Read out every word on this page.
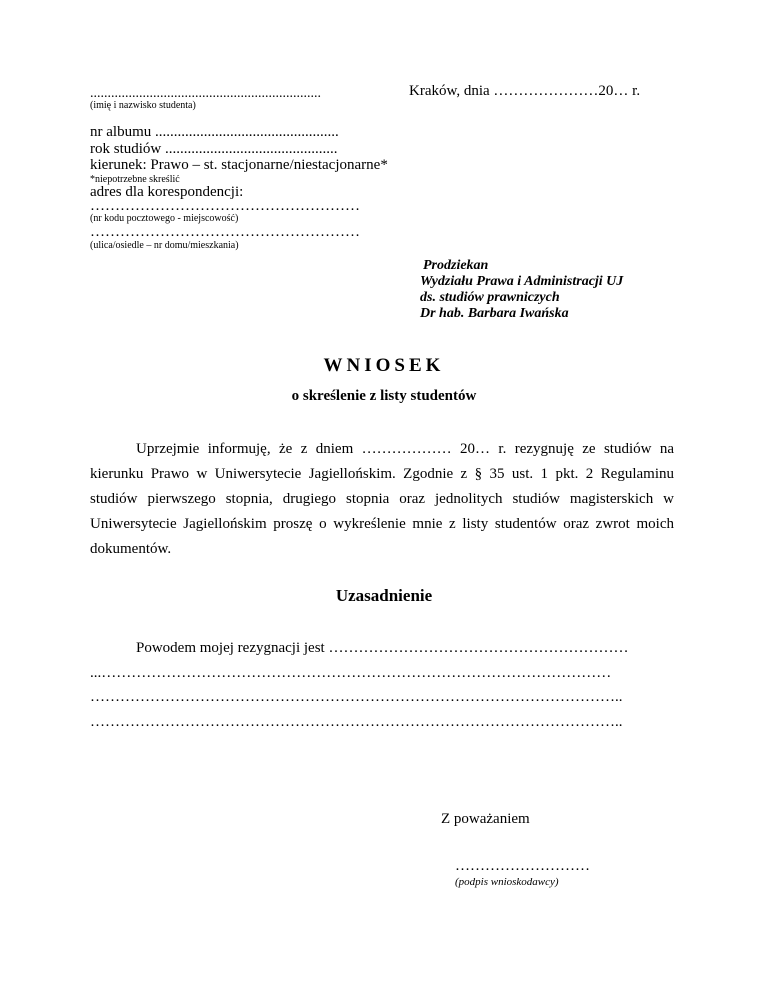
..................................................................
(imię i nazwisko studenta)
Kraków, dnia …………………20… r.
nr albumu .................................................
rok studiów ..............................................
kierunek: Prawo – st. stacjonarne/niestacjonarne*
*niepotrzebne skreślić
adres dla korespondencji:
………………………………………………
(nr kodu pocztowego - miejscowość)
………………………………………………
(ulica/osiedle – nr domu/mieszkania)
Prodziekan
Wydziału Prawa i Administracji UJ
ds. studiów prawniczych
Dr hab. Barbara Iwańska
WNIOSEK
o skreślenie z listy studentów
Uprzejmie informuję, że z dniem ……………… 20… r. rezygnuję ze studiów na kierunku Prawo w Uniwersytecie Jagiellońskim. Zgodnie z § 35 ust. 1 pkt. 2 Regulaminu studiów pierwszego stopnia, drugiego stopnia oraz jednolitych studiów magisterskich w Uniwersytecie Jagiellońskim proszę o wykreślenie mnie z listy studentów oraz zwrot moich dokumentów.
Uzasadnienie
Powodem mojej rezygnacji jest ……………………………………………………
...…………………………………………………………………………………………
……………………………………………………………………………………………..
……………………………………………………………………………………………..
Z poważaniem
………………………
(podpis wnioskodawcy)
